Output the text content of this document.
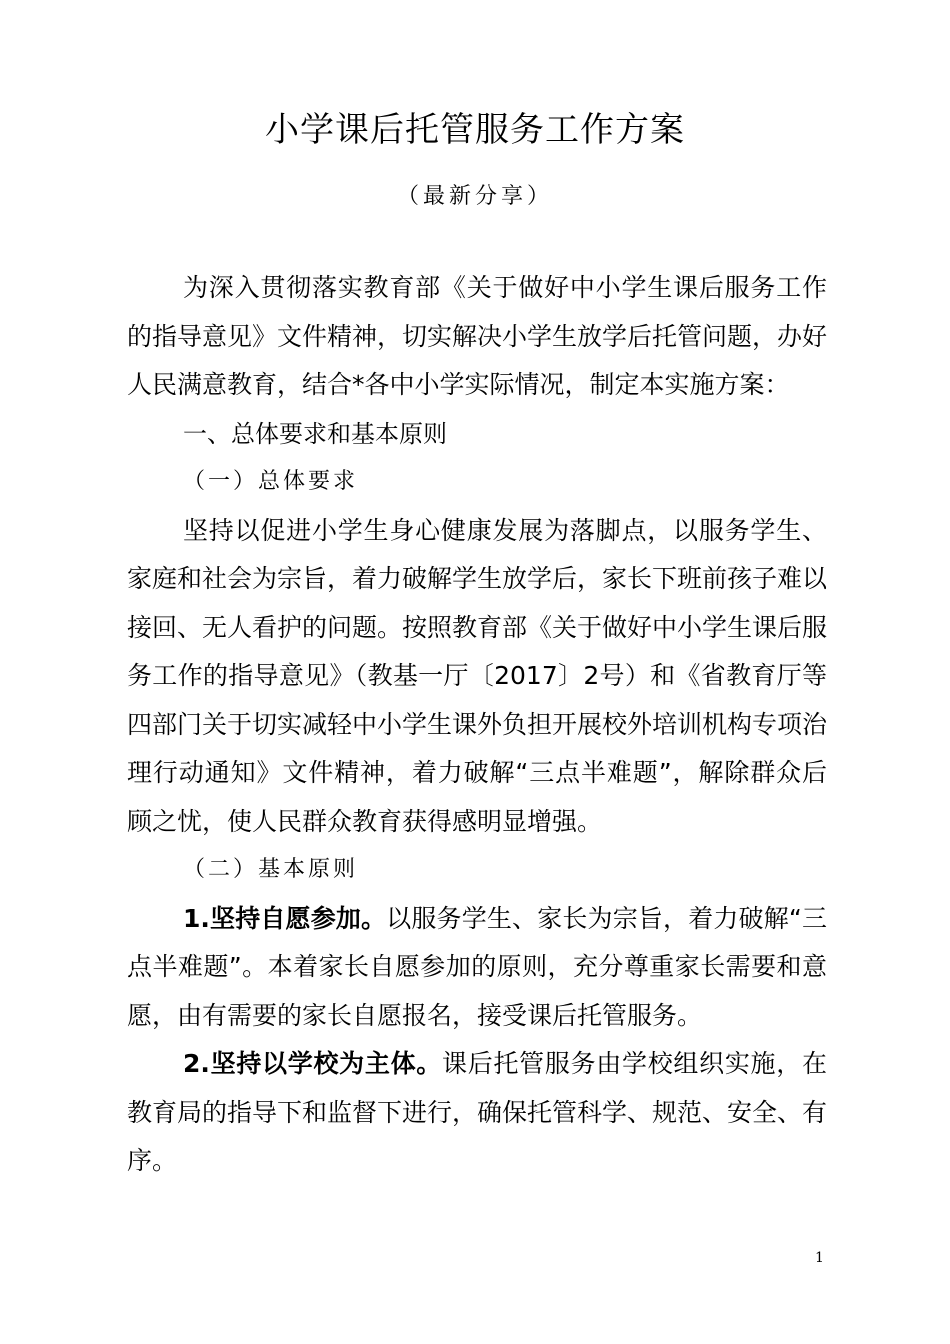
小学课后托管服务工作方案
（最新分享）

为深入贯彻落实教育部《关于做好中小学生课后服务工作的指导意见》文件精神，切实解决小学生放学后托管问题，办好人民满意教育，结合*各中小学实际情况，制定本实施方案：

一、总体要求和基本原则

（一）总体要求

坚持以促进小学生身心健康发展为落脚点，以服务学生、家庭和社会为宗旨，着力破解学生放学后，家长下班前孩子难以接回、无人看护的问题。按照教育部《关于做好中小学生课后服务工作的指导意见》（教基一厅〔2017〕2号）和《省教育厅等四部门关于切实减轻中小学生课外负担开展校外培训机构专项治理行动通知》文件精神，着力破解“三点半难题”，解除群众后顾之忧，使人民群众教育获得感明显增强。

（二）基本原则

1.坚持自愿参加。以服务学生、家长为宗旨，着力破解“三点半难题”。本着家长自愿参加的原则，充分尊重家长需要和意愿，由有需要的家长自愿报名，接受课后托管服务。

2.坚持以学校为主体。课后托管服务由学校组织实施，在教育局的指导下和监督下进行，确保托管科学、规范、安全、有序。

1
